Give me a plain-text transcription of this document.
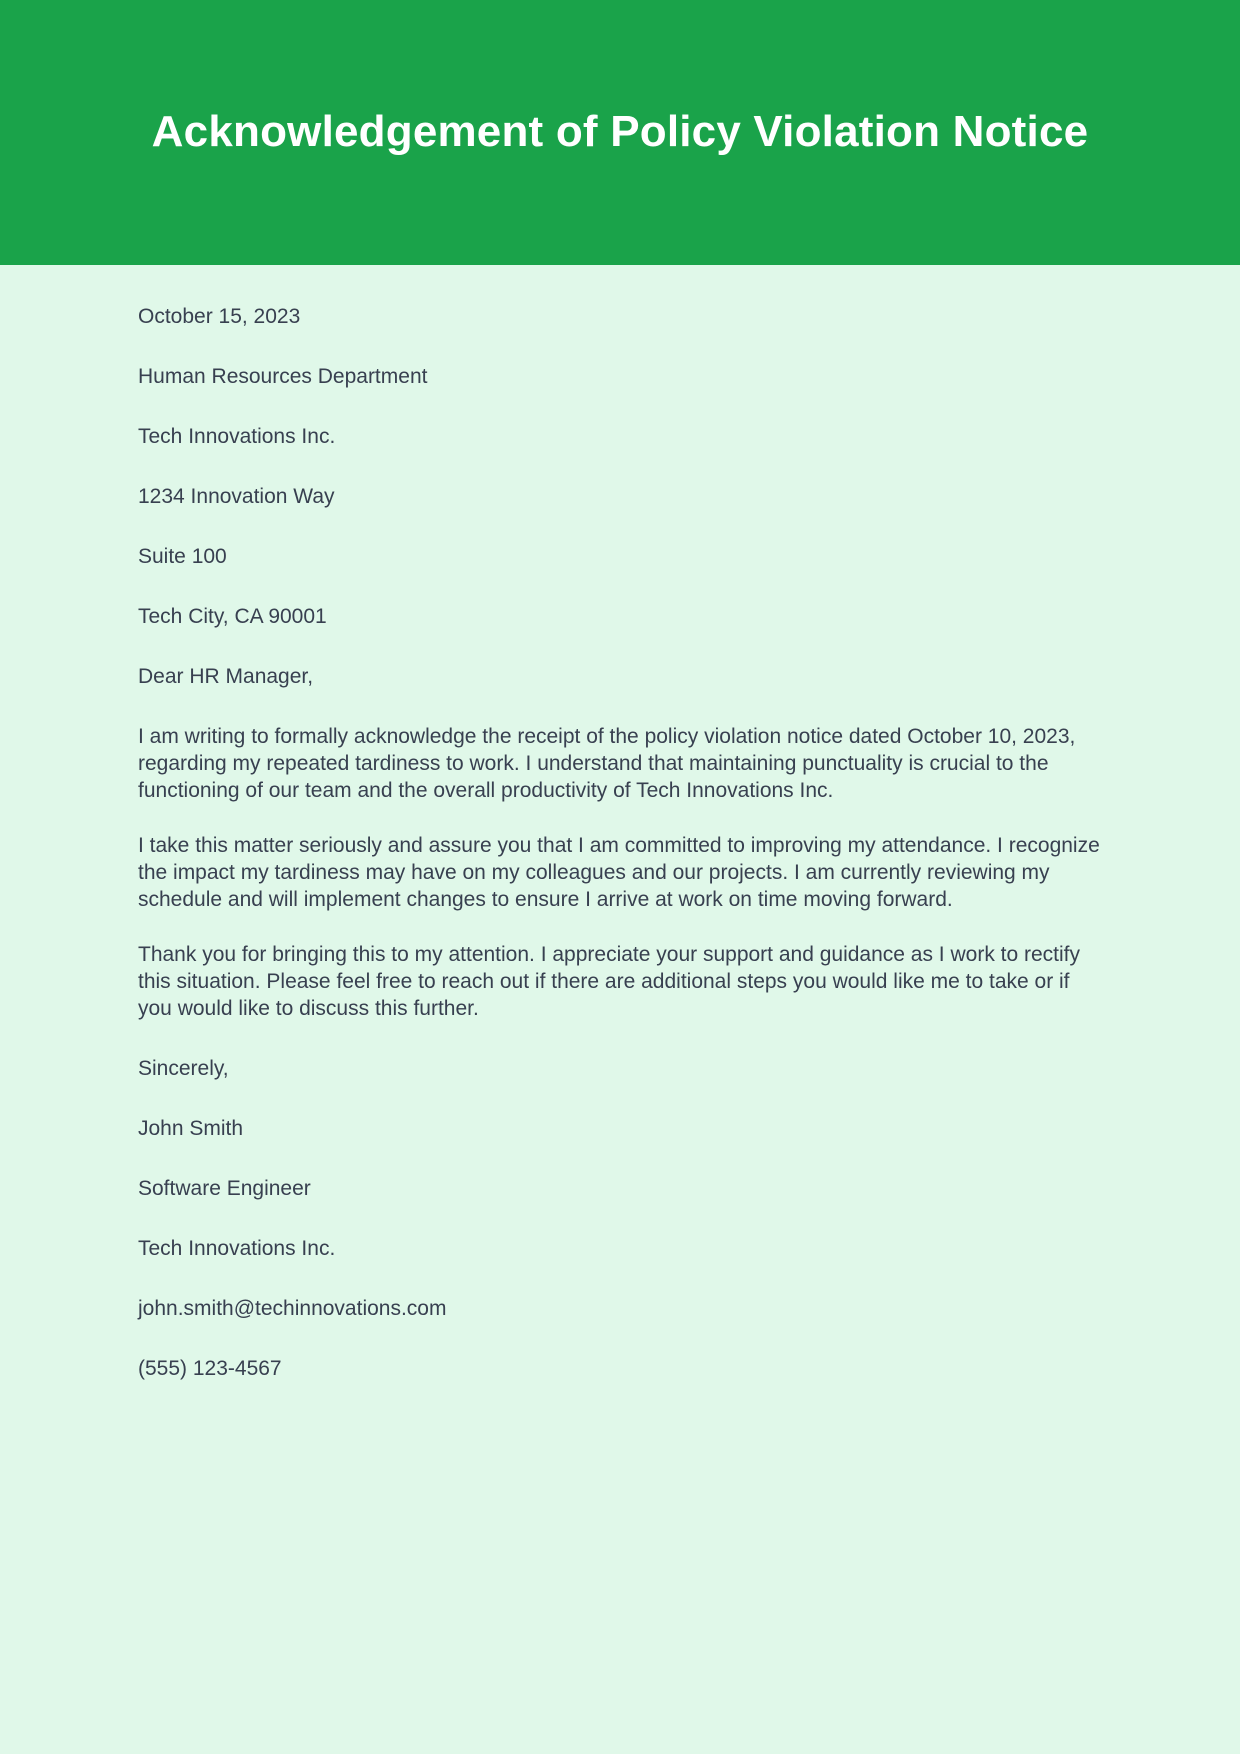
Acknowledgement of Policy Violation Notice

October 15, 2023

Human Resources Department

Tech Innovations Inc.

1234 Innovation Way

Suite 100

Tech City, CA 90001

Dear HR Manager,

I am writing to formally acknowledge the receipt of the policy violation notice dated October 10, 2023, regarding my repeated tardiness to work. I understand that maintaining punctuality is crucial to the functioning of our team and the overall productivity of Tech Innovations Inc.

I take this matter seriously and assure you that I am committed to improving my attendance. I recognize the impact my tardiness may have on my colleagues and our projects. I am currently reviewing my schedule and will implement changes to ensure I arrive at work on time moving forward.

Thank you for bringing this to my attention. I appreciate your support and guidance as I work to rectify this situation. Please feel free to reach out if there are additional steps you would like me to take or if you would like to discuss this further.

Sincerely,

John Smith

Software Engineer

Tech Innovations Inc.

john.smith@techinnovations.com

(555) 123-4567
